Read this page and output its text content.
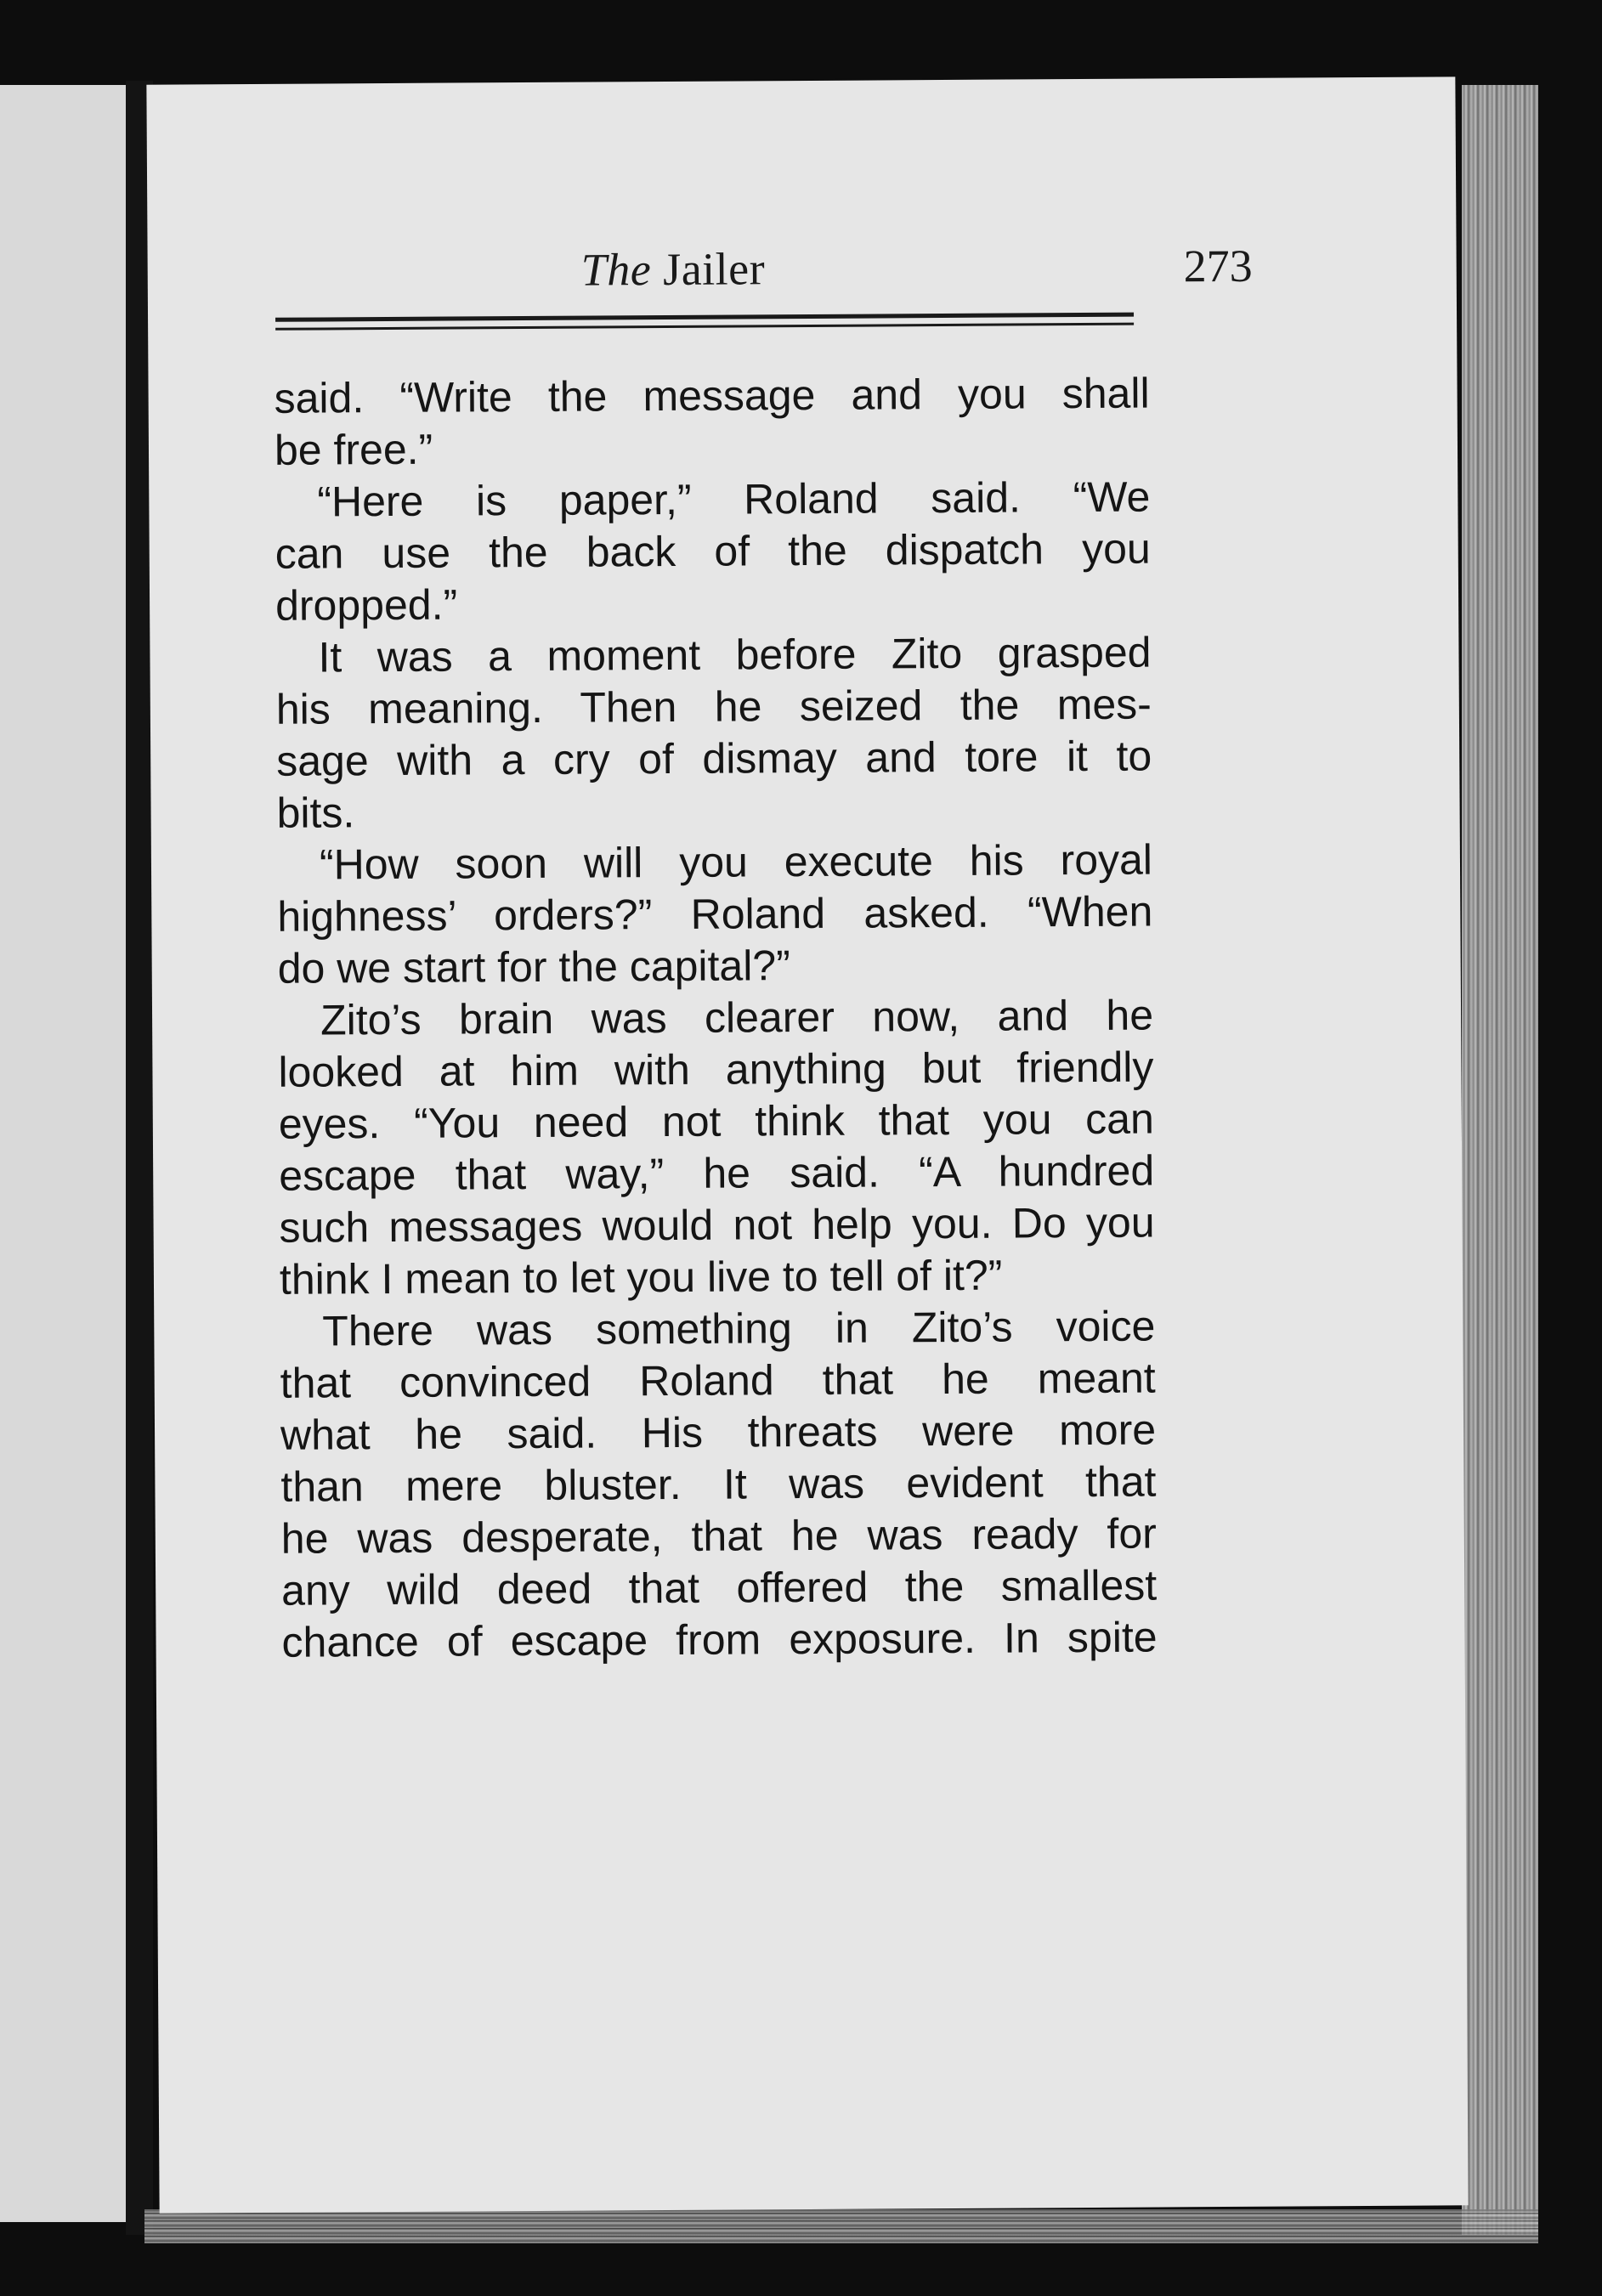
The Jailer	273
said. “Write the message and you shall
be free.”
“Here is paper,” Roland said. “We
can use the back of the dispatch you
dropped.”
It was a moment before Zito grasped
his meaning. Then he seized the mes-
sage with a cry of dismay and tore it to
bits.
“How soon will you execute his royal
highness’ orders?” Roland asked. “When
do we start for the capital?”
Zito’s brain was clearer now, and he
looked at him with anything but friendly
eyes. “You need not think that you can
escape that way,” he said. “A hundred
such messages would not help you. Do you
think I mean to let you live to tell of it?”
There was something in Zito’s voice
that convinced Roland that he meant
what he said. His threats were more
than mere bluster. It was evident that
he was desperate, that he was ready for
any wild deed that offered the smallest
chance of escape from exposure. In spite
